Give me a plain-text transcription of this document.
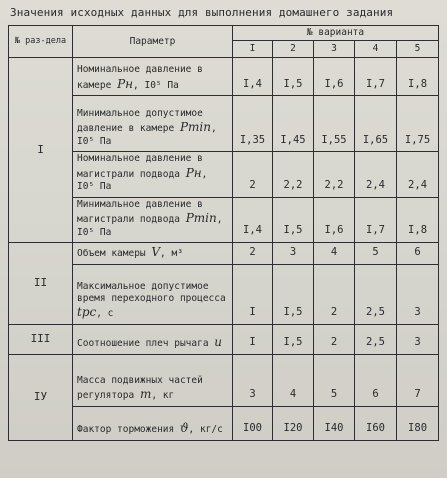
Значения исходных данных для выполнения домашнего задания
№ раз-дела	Параметр	№ варианта				
		I	2	3	4	5
I	Номинальное давление в камере Pн, I0⁵ Па	I,4	I,5	I,6	I,7	I,8
	Минимальное допустимое давление в камере Pmin, I0⁵ Па	I,35	I,45	I,55	I,65	I,75
	Номинальное давление в магистрали подвода Pн, I0⁵ Па	2	2,2	2,2	2,4	2,4
	Минимальное давление в магистрали подвода Pmin, I0⁵ Па	I,4	I,5	I,6	I,7	I,8
II	Объем камеры V, м³	2	3	4	5	6
	Максимальное допустимое время переходного процесса tpc, с	I	I,5	2	2,5	3
III	Соотношение плеч рычага u	I	I,5	2	2,5	3
IУ	Масса подвижных частей регулятора m, кг	3	4	5	6	7
	Фактор торможения ϑ, кг/с	I00	I20	I40	I60	I80
